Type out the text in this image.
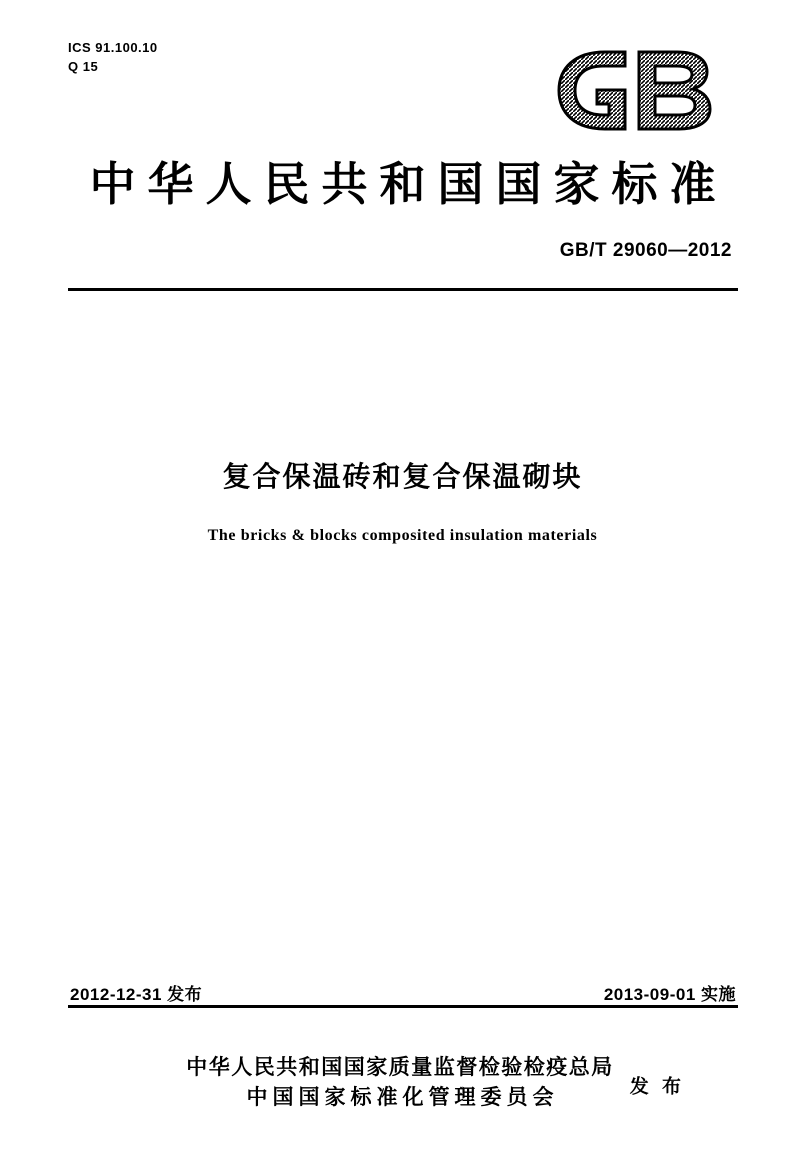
ICS 91.100.10
Q 15
中华人民共和国国家标准
GB/T 29060—2012
复合保温砖和复合保温砌块
The bricks & blocks composited insulation materials
2012-12-31 发布	2013-09-01 实施
中华人民共和国国家质量监督检验检疫总局
中国国家标准化管理委员会	发 布
